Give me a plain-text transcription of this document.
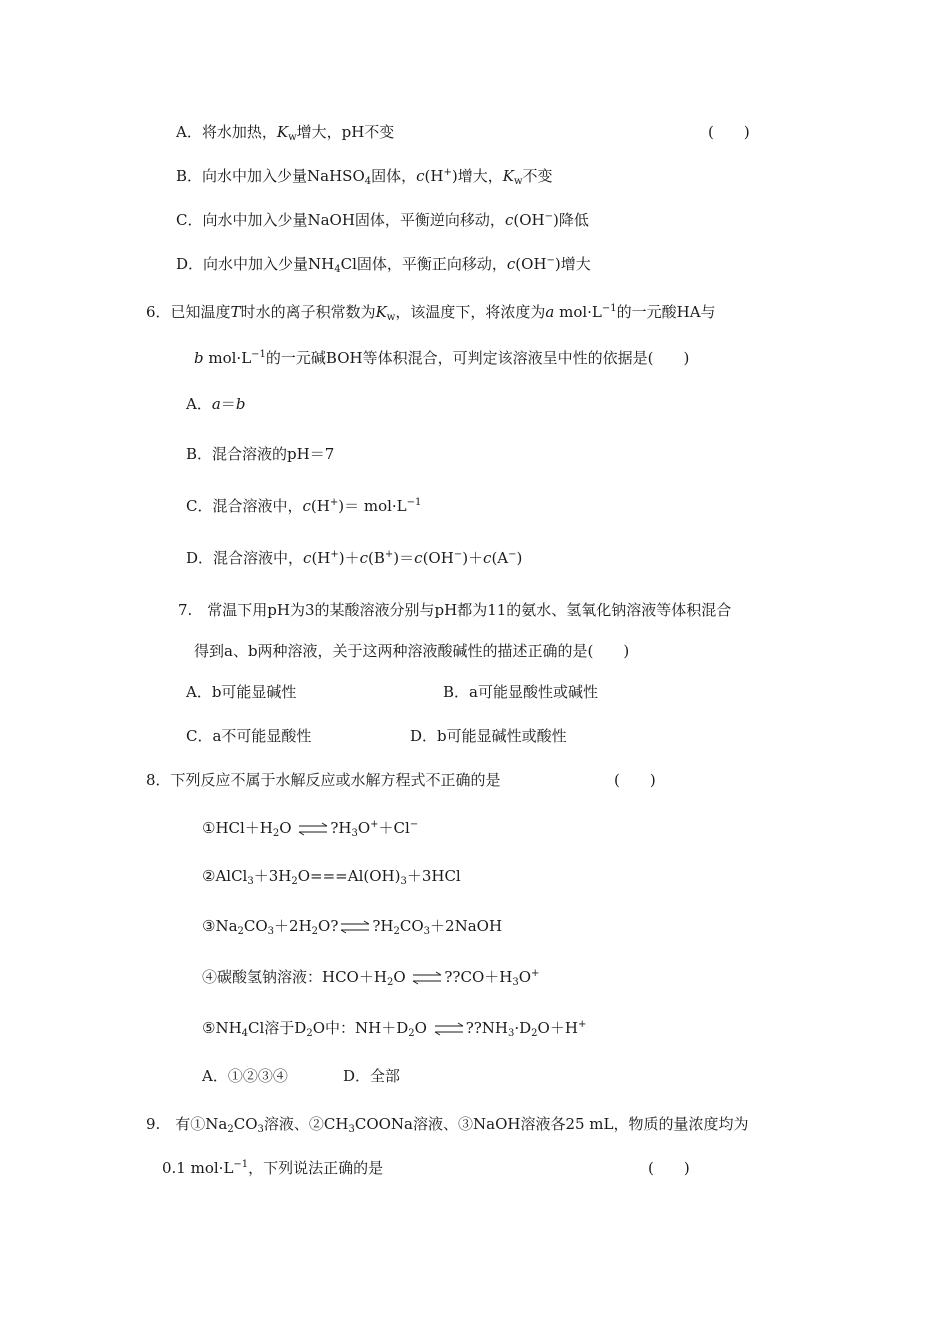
A．将水加热，$K_w$增大，pH不变	(　　)
B．向水中加入少量NaHSO$_4$固体，c(H+)增大，$K_w$不变
C．向水中加入少量NaOH固体，平衡逆向移动，c(OH−)降低
D．向水中加入少量$NH_4Cl$固体，平衡正向移动，c(OH−)增大
6．已知温度T时水的离子积常数为$K_w$，该温度下，将浓度为a $mol\cdot L^{-1}$的一元酸HA与
b $mol\cdot L^{-1}$的一元碱BOH等体积混合，可判定该溶液呈中性的依据是(　　)
A．a＝b
B．混合溶液的pH＝7
C．混合溶液中，$c(H^+)= mol\cdot L^{-1}$
D．混合溶液中，c(H+)＋c(B+)＝c(OH−)＋c(A−)
7.　常温下用pH为3的某酸溶液分别与pH都为11的氨水、氢氧化钠溶液等体积混合
得到a、b两种溶液，关于这两种溶液酸碱性的描述正确的是(　　)
A．b可能显碱性	B．a可能显酸性或碱性
C．a不可能显酸性	D．b可能显碱性或酸性
8．下列反应不属于水解反应或水解方程式不正确的是	(　　)
$①HCl+H_2O$ ⇌ $?H_3O^++Cl^-$
$②AlCl_3+3H_2O===Al(OH)_3+3HCl$
$③Na_2CO_3+2H_2O$? ⇌ $?H_2CO_3+2NaOH$
④碳酸氢钠溶液：$HCO+H_2O$ ⇌ $??CO+H_3O^+$
$⑤NH_4Cl$溶于$D_2O$中：$NH+D_2O$ ⇌ $??NH_3\cdot D_2O+H^+$
A．①②③④	D．全部
9.　有$①Na_2CO_3$溶液、$②CH_3COONa$溶液、③NaOH溶液各25 mL，物质的量浓度均为
0.1 $mol\cdot L^{-1}$，下列说法正确的是	(　　)
